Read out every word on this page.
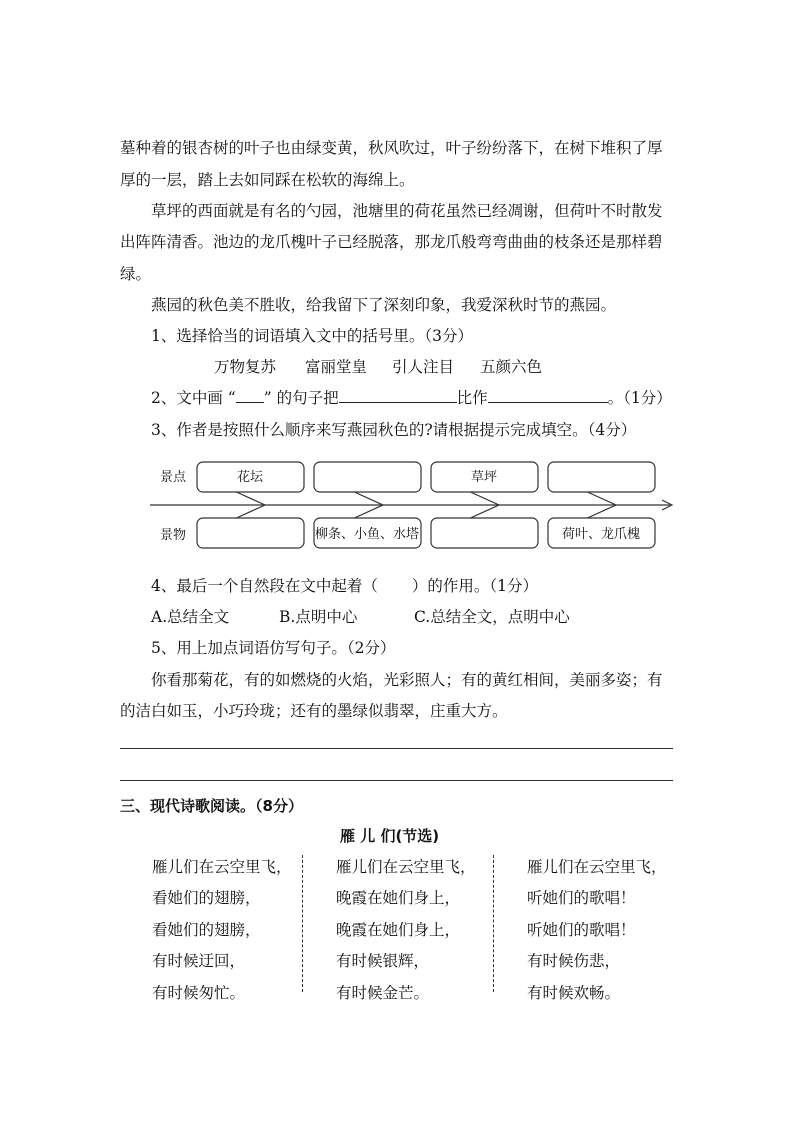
墓种着的银杏树的叶子也由绿变黄，秋风吹过，叶子纷纷落下，在树下堆积了厚
厚的一层，踏上去如同踩在松软的海绵上。
草坪的西面就是有名的勺园，池塘里的荷花虽然已经凋谢，但荷叶不时散发
出阵阵清香。池边的龙爪槐叶子已经脱落，那龙爪般弯弯曲曲的枝条还是那样碧
绿。
燕园的秋色美不胜收，给我留下了深刻印象，我爱深秋时节的燕园。
1、选择恰当的词语填入文中的括号里。（3分）
万物复苏 富丽堂皇 引人注目 五颜六色
2、文中画 “ ” 的句子把	比作	。（1分）
3、作者是按照什么顺序来写燕园秋色的?请根据提示完成填空。（4分）
景点
景物
花坛	草坪
柳条、小鱼、水塔	荷叶、龙爪槐
4、最后一个自然段在文中起着（ ）的作用。（1分）
A.总结全文	B.点明中心	C.总结全文，点明中心
5、用上加点词语仿写句子。（2分）
你看那菊花，有的如燃烧的火焰，光彩照人；有的黄红相间，美丽多姿；有
的洁白如玉，小巧玲珑；还有的墨绿似翡翠，庄重大方。
三、现代诗歌阅读。（8分）
雁 儿 们(节选)
雁儿们在云空里飞，
看她们的翅膀，
看她们的翅膀，
有时候迂回，
有时候匆忙。
雁儿们在云空里飞，
晚霞在她们身上，
晚霞在她们身上，
有时候银辉，
有时候金芒。
雁儿们在云空里飞，
听她们的歌唱！
听她们的歌唱！
有时候伤悲，
有时候欢畅。
